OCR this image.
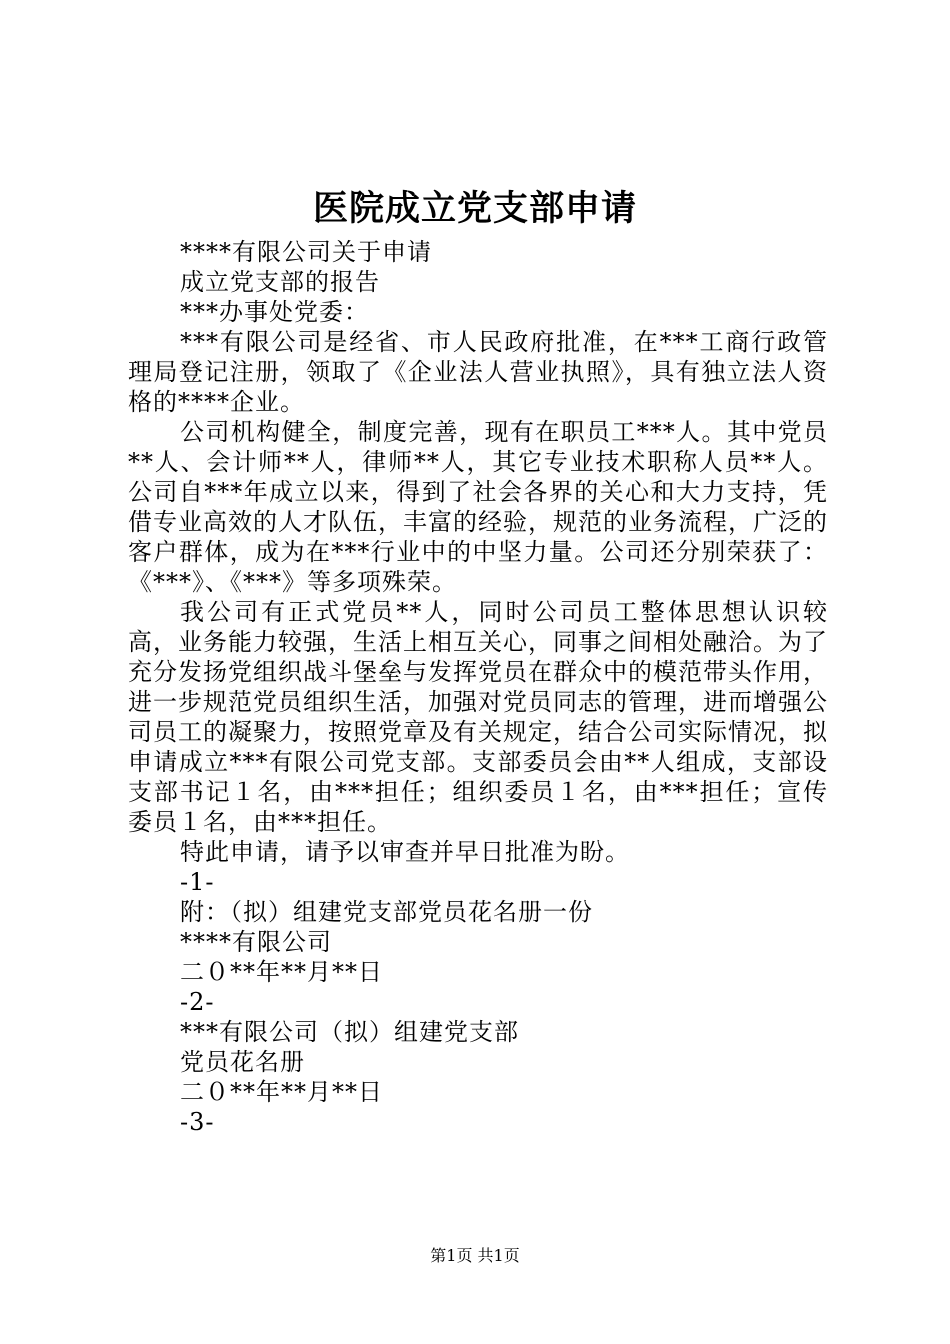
医院成立党支部申请
****有限公司关于申请
成立党支部的报告
***办事处党委：
***有限公司是经省、市人民政府批准，在***工商行政管理局登记注册，领取了《企业法人营业执照》，具有独立法人资格的****企业。
公司机构健全，制度完善，现有在职员工***人。其中党员**人、会计师**人，律师**人，其它专业技术职称人员**人。公司自***年成立以来，得到了社会各界的关心和大力支持，凭借专业高效的人才队伍，丰富的经验，规范的业务流程，广泛的客户群体，成为在***行业中的中坚力量。公司还分别荣获了：《***》、《***》等多项殊荣。
我公司有正式党员**人，同时公司员工整体思想认识较高，业务能力较强，生活上相互关心，同事之间相处融洽。为了充分发扬党组织战斗堡垒与发挥党员在群众中的模范带头作用，进一步规范党员组织生活，加强对党员同志的管理，进而增强公司员工的凝聚力，按照党章及有关规定，结合公司实际情况，拟申请成立***有限公司党支部。支部委员会由**人组成，支部设支部书记１名，由***担任；组织委员１名，由***担任；宣传委员１名，由***担任。
特此申请，请予以审查并早日批准为盼。
-1-
附：（拟）组建党支部党员花名册一份
****有限公司
二０**年**月**日
-2-
***有限公司（拟）组建党支部
党员花名册
二０**年**月**日
-3-
第1页 共1页
